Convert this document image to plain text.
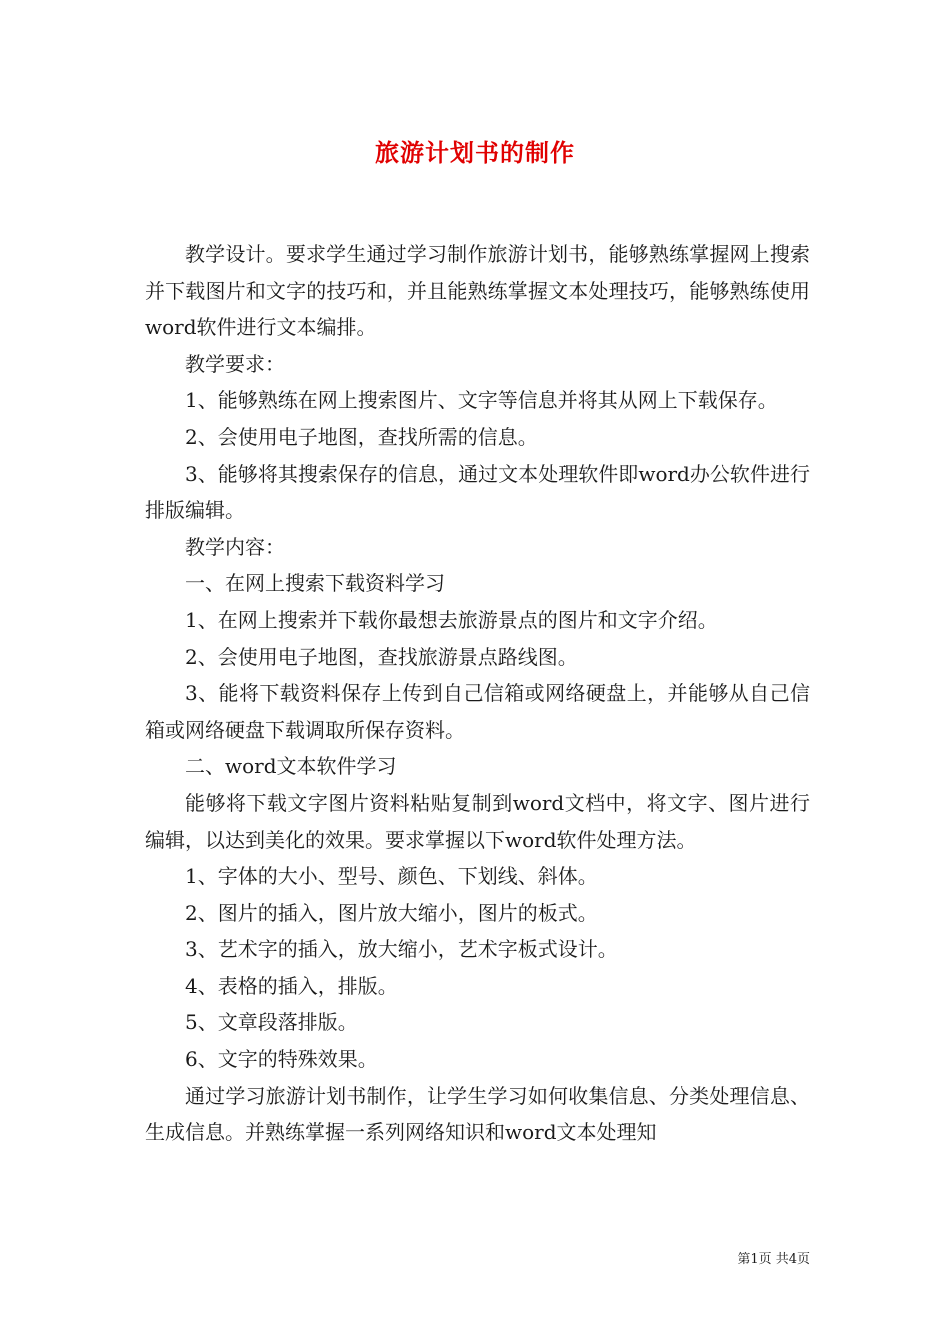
旅游计划书的制作

教学设计。要求学生通过学习制作旅游计划书，能够熟练掌握网上搜索并下载图片和文字的技巧和，并且能熟练掌握文本处理技巧，能够熟练使用word软件进行文本编排。

教学要求：

1、能够熟练在网上搜索图片、文字等信息并将其从网上下载保存。

2、会使用电子地图，查找所需的信息。

3、能够将其搜索保存的信息，通过文本处理软件即word办公软件进行排版编辑。

教学内容：

一、在网上搜索下载资料学习

1、在网上搜索并下载你最想去旅游景点的图片和文字介绍。

2、会使用电子地图，查找旅游景点路线图。

3、能将下载资料保存上传到自己信箱或网络硬盘上，并能够从自己信箱或网络硬盘下载调取所保存资料。

二、word文本软件学习

能够将下载文字图片资料粘贴复制到word文档中，将文字、图片进行编辑，以达到美化的效果。要求掌握以下word软件处理方法。

1、字体的大小、型号、颜色、下划线、斜体。

2、图片的插入，图片放大缩小，图片的板式。

3、艺术字的插入，放大缩小，艺术字板式设计。

4、表格的插入，排版。

5、文章段落排版。

6、文字的特殊效果。

通过学习旅游计划书制作，让学生学习如何收集信息、分类处理信息、生成信息。并熟练掌握一系列网络知识和word文本处理知

第1页 共4页
